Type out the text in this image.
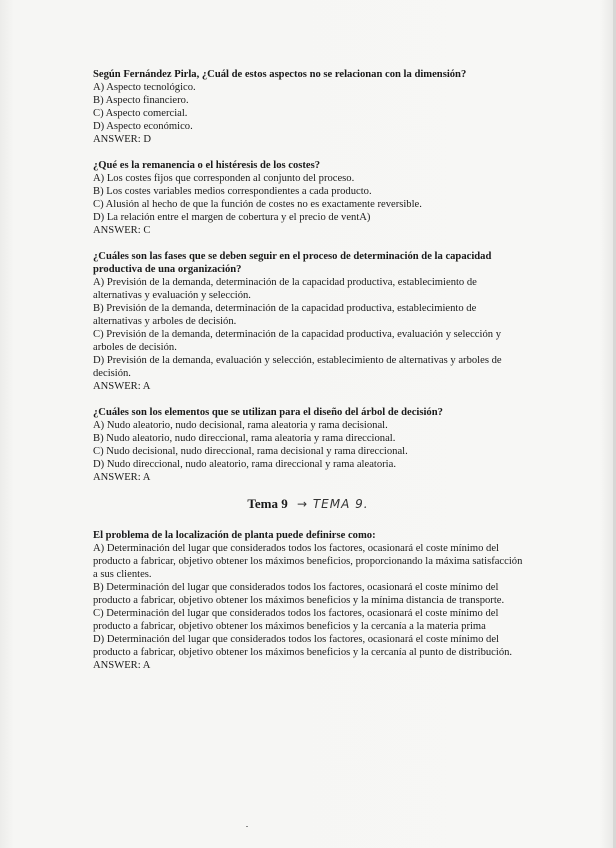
Según Fernández Pirla, ¿Cuál de estos aspectos no se relacionan con la dimensión?
A) Aspecto tecnológico.
B) Aspecto financiero.
C) Aspecto comercial.
D) Aspecto económico.
ANSWER: D
¿Qué es la remanencia o el histéresis de los costes?
A) Los costes fijos que corresponden al conjunto del proceso.
B) Los costes variables medios correspondientes a cada producto.
C) Alusión al hecho de que la función de costes no es exactamente reversible.
D) La relación entre el margen de cobertura y el precio de ventA)
ANSWER: C
¿Cuáles son las fases que se deben seguir en el proceso de determinación de la capacidad productiva de una organización?
A) Previsión de la demanda, determinación de la capacidad productiva, establecimiento de alternativas y evaluación y selección.
B) Previsión de la demanda, determinación de la capacidad productiva, establecimiento de alternativas y arboles de decisión.
C) Previsión de la demanda, determinación de la capacidad productiva, evaluación y selección y arboles de decisión.
D) Previsión de la demanda, evaluación y selección, establecimiento de alternativas y arboles de decisión.
ANSWER: A
¿Cuáles son los elementos que se utilizan para el diseño del árbol de decisión?
A) Nudo aleatorio, nudo decisional, rama aleatoria y rama decisional.
B) Nudo aleatorio, nudo direccional, rama aleatoria y rama direccional.
C) Nudo decisional, nudo direccional, rama decisional y rama direccional.
D) Nudo direccional, nudo aleatorio, rama direccional y rama aleatoria.
ANSWER: A
Tema 9 → TEMA 9.
El problema de la localización de planta puede definirse como:
A) Determinación del lugar que considerados todos los factores, ocasionará el coste mínimo del producto a fabricar, objetivo obtener los máximos beneficios, proporcionando la máxima satisfacción a sus clientes.
B) Determinación del lugar que considerados todos los factores, ocasionará el coste mínimo del producto a fabricar, objetivo obtener los máximos beneficios y la mínima distancia de transporte.
C) Determinación del lugar que considerados todos los factores, ocasionará el coste mínimo del producto a fabricar, objetivo obtener los máximos beneficios y la cercanía a la materia prima
D) Determinación del lugar que considerados todos los factores, ocasionará el coste mínimo del producto a fabricar, objetivo obtener los máximos beneficios y la cercanía al punto de distribución.
ANSWER: A
